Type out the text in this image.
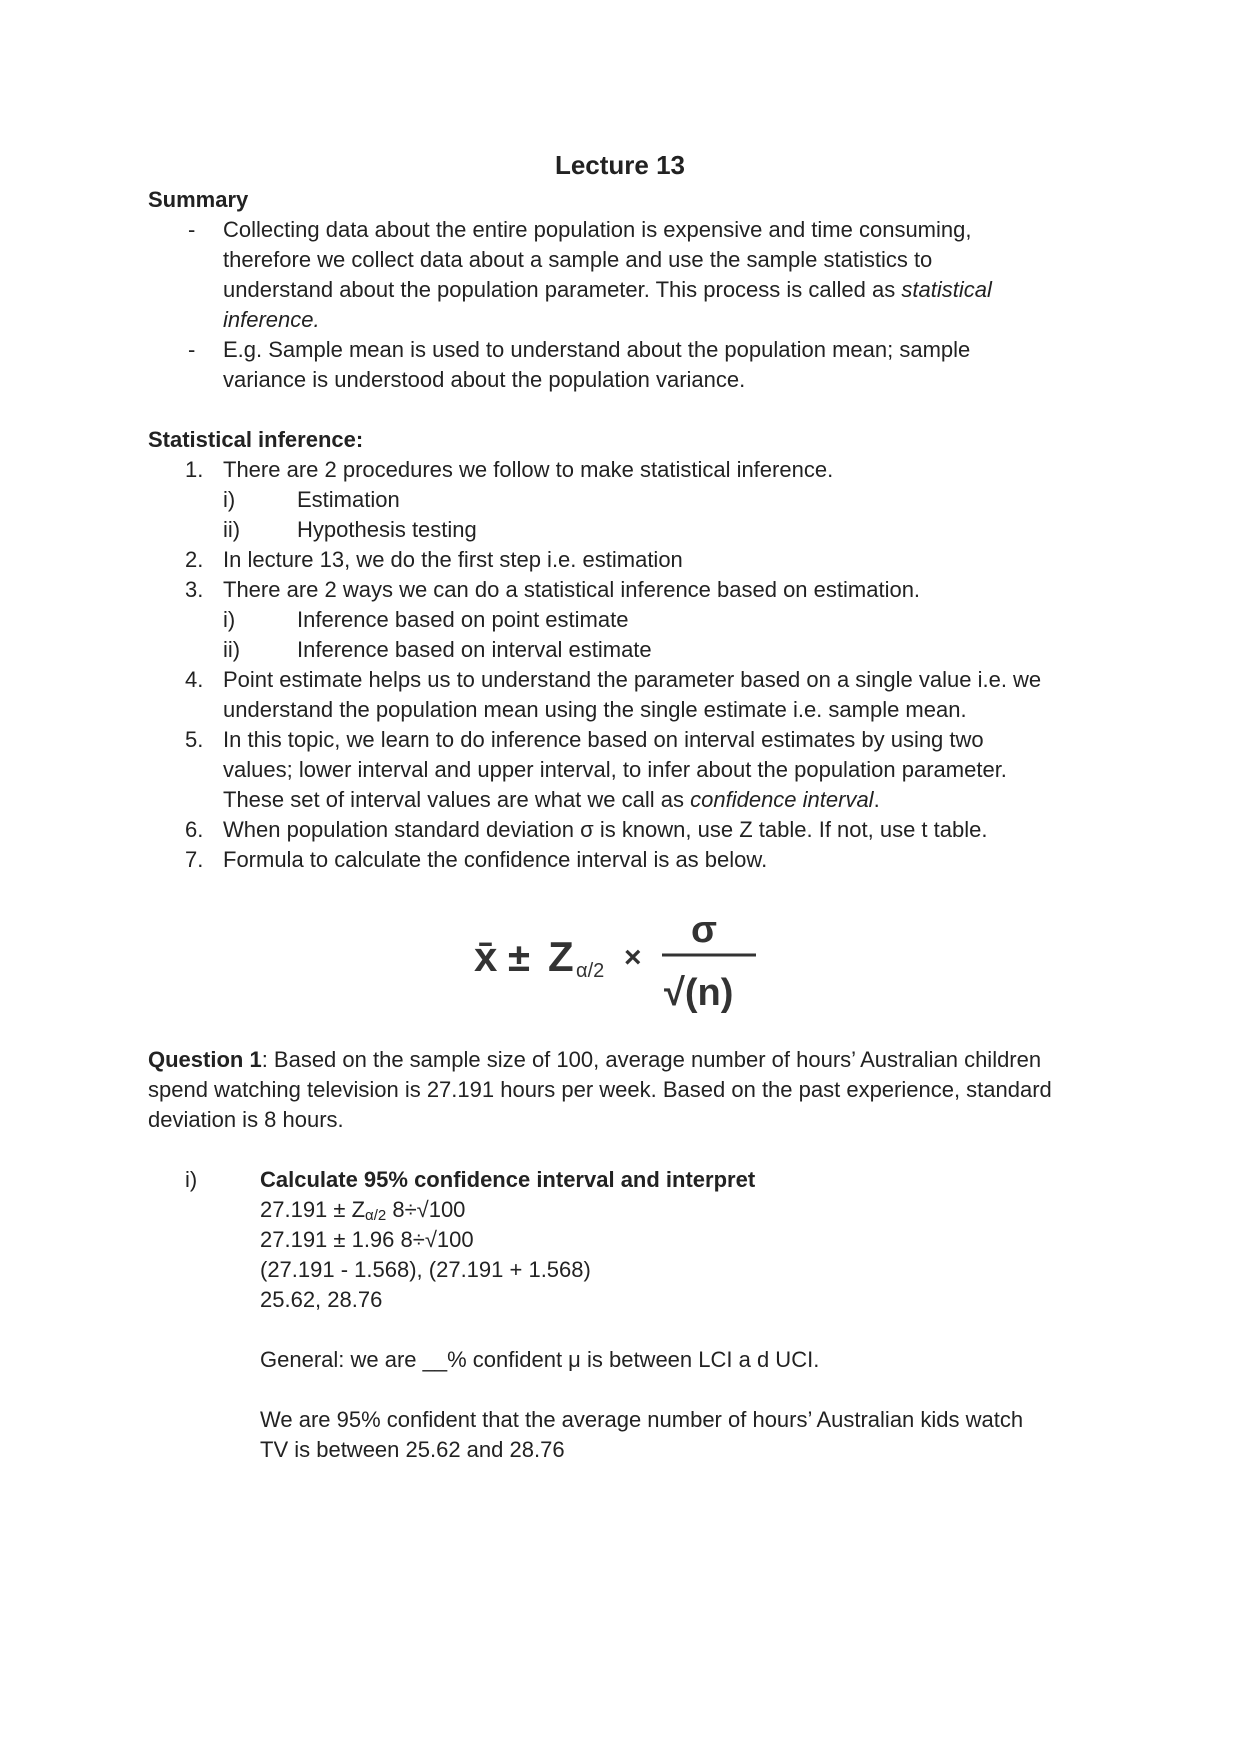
Lecture 13
Summary
- Collecting data about the entire population is expensive and time consuming,
therefore we collect data about a sample and use the sample statistics to
understand about the population parameter. This process is called as statistical
inference.
- E.g. Sample mean is used to understand about the population mean; sample
variance is understood about the population variance.
Statistical inference:
1. There are 2 procedures we follow to make statistical inference.
i)	Estimation
ii)	Hypothesis testing
2. In lecture 13, we do the first step i.e. estimation
3. There are 2 ways we can do a statistical inference based on estimation.
i)	Inference based on point estimate
ii)	Inference based on interval estimate
4. Point estimate helps us to understand the parameter based on a single value i.e. we
understand the population mean using the single estimate i.e. sample mean.
5. In this topic, we learn to do inference based on interval estimates by using two
values; lower interval and upper interval, to infer about the population parameter.
These set of interval values are what we call as confidence interval.
6. When population standard deviation σ is known, use Z table. If not, use t table.
7. Formula to calculate the confidence interval is as below.
x̄ ± Z α/2 ×
σ
√(n)
Question 1: Based on the sample size of 100, average number of hours’ Australian children
spend watching television is 27.191 hours per week. Based on the past experience, standard
deviation is 8 hours.
i)	Calculate 95% confidence interval and interpret
$27.191 \pm Z_{\alpha/2}$ 8÷√100
27.191 ± 1.96 8÷√100
(27.191 - 1.568), (27.191 + 1.568)
25.62, 28.76
General: we are __% confident μ is between LCI a d UCI.
We are 95% confident that the average number of hours’ Australian kids watch
TV is between 25.62 and 28.76
